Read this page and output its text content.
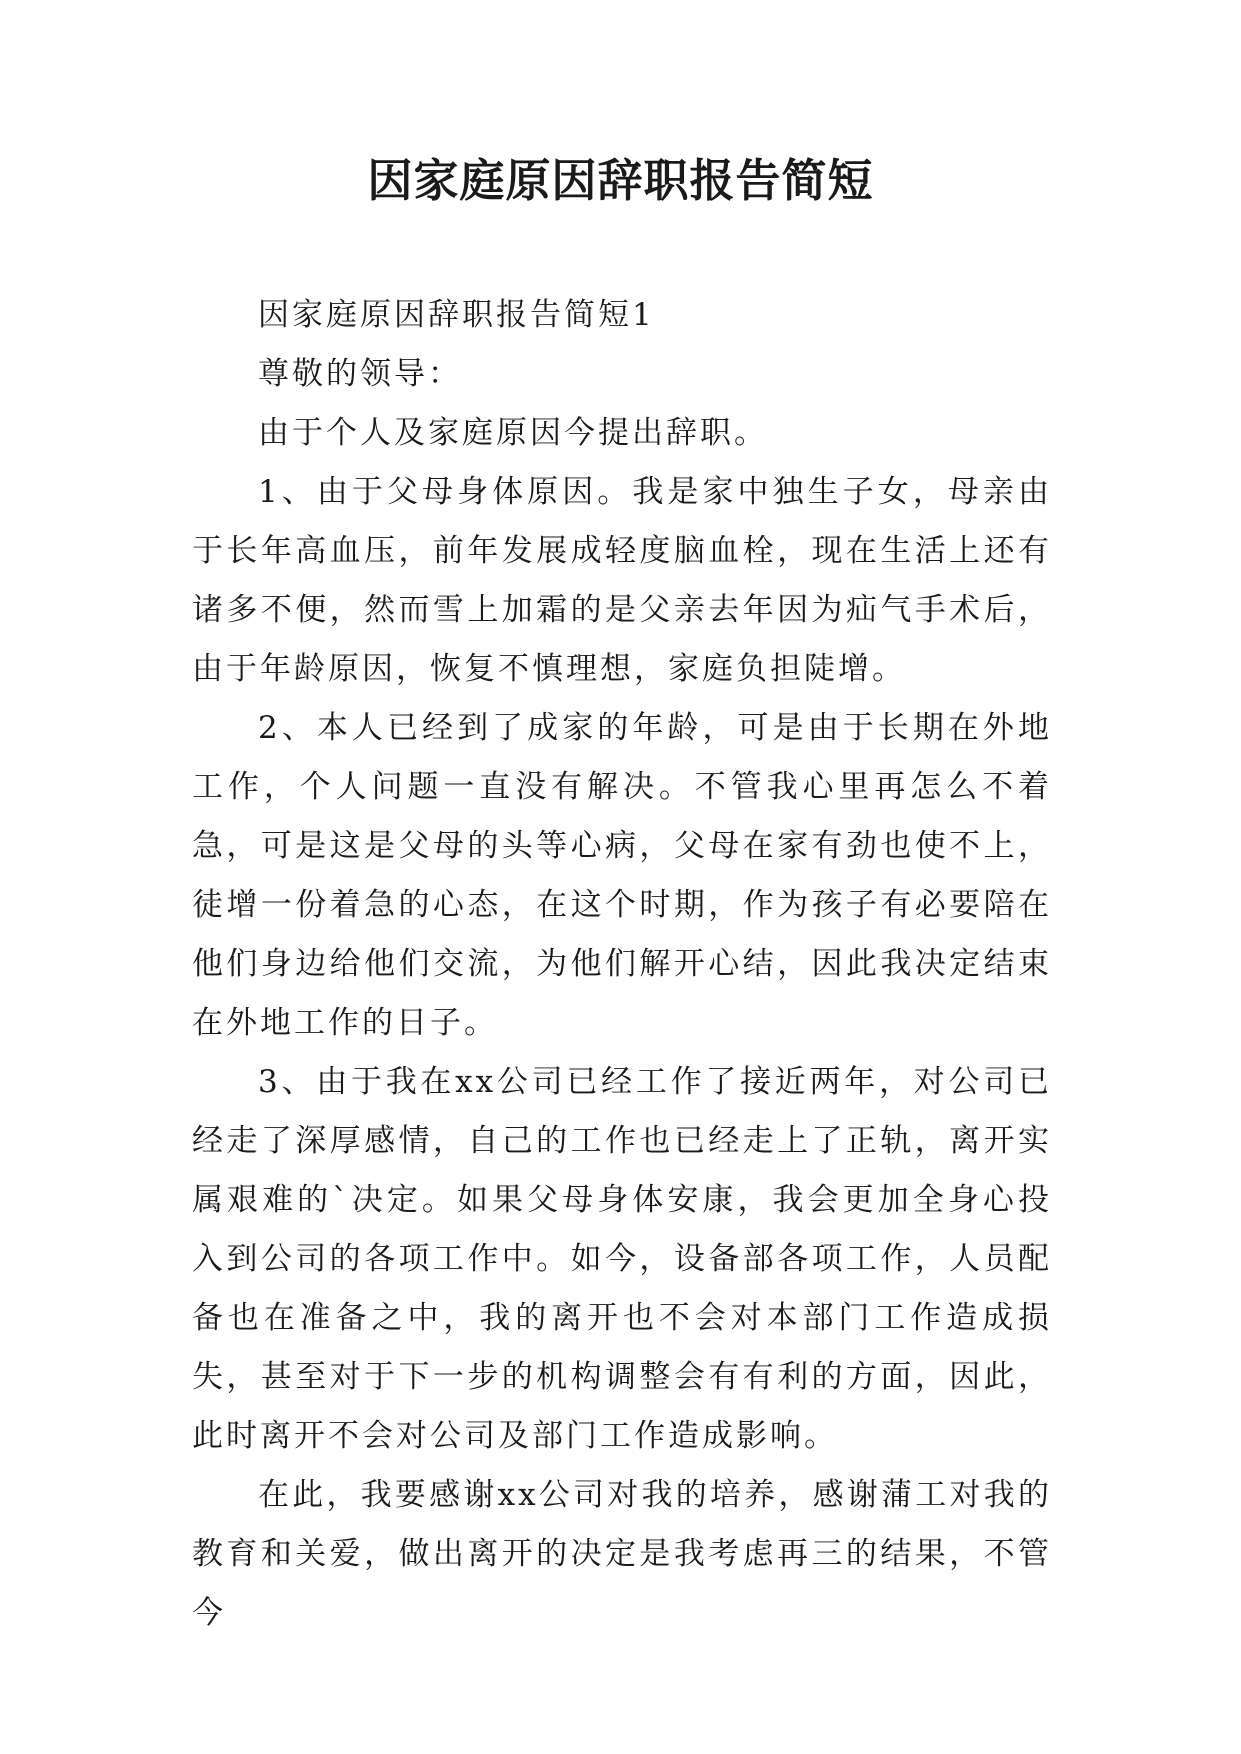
因家庭原因辞职报告简短

因家庭原因辞职报告简短1

尊敬的领导：

由于个人及家庭原因今提出辞职。

1、由于父母身体原因。我是家中独生子女，母亲由于长年高血压，前年发展成轻度脑血栓，现在生活上还有诸多不便，然而雪上加霜的是父亲去年因为疝气手术后，由于年龄原因，恢复不慎理想，家庭负担陡增。

2、本人已经到了成家的年龄，可是由于长期在外地工作，个人问题一直没有解决。不管我心里再怎么不着急，可是这是父母的头等心病，父母在家有劲也使不上，徒增一份着急的心态，在这个时期，作为孩子有必要陪在他们身边给他们交流，为他们解开心结，因此我决定结束在外地工作的日子。

3、由于我在xx公司已经工作了接近两年，对公司已经走了深厚感情，自己的工作也已经走上了正轨，离开实属艰难的`决定。如果父母身体安康，我会更加全身心投入到公司的各项工作中。如今，设备部各项工作，人员配备也在准备之中，我的离开也不会对本部门工作造成损失，甚至对于下一步的机构调整会有有利的方面，因此，此时离开不会对公司及部门工作造成影响。

在此，我要感谢xx公司对我的培养，感谢蒲工对我的教育和关爱，做出离开的决定是我考虑再三的结果，不管今
